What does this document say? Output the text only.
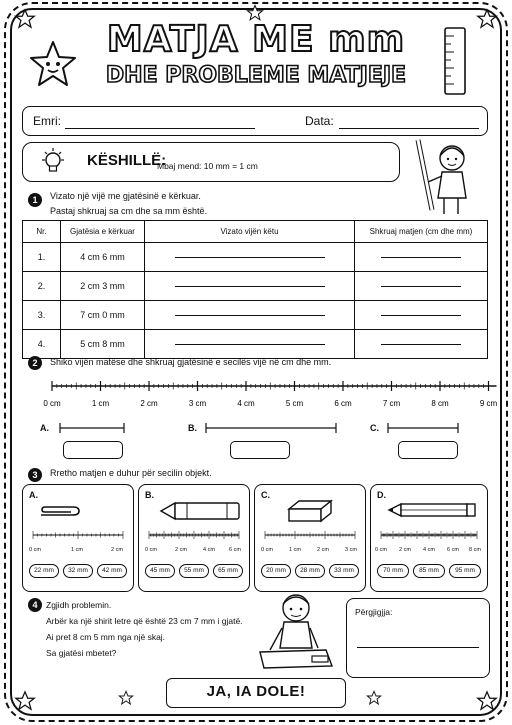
MATJA ME mm
DHE PROBLEME MATJEJE
Emri:	Data:
KËSHILLË:
Mbaj mend: 10 mm = 1 cm
1	Vizato një vijë me gjatësinë e kërkuar.
Pastaj shkruaj sa cm dhe sa mm është.
Nr.	Gjatësia e kërkuar	Vizato vijën këtu	Shkruaj matjen (cm dhe mm)
1.	4 cm 6 mm		
2.	2 cm 3 mm		
3.	7 cm 0 mm		
4.	5 cm 8 mm		
2	Shiko vijën matëse dhe shkruaj gjatësinë e secilës vijë në cm dhe mm.
0 cm	1 cm	2 cm	3 cm	4 cm	5 cm	6 cm	7 cm	8 cm	9 cm
A.	B.	C.
3	Rretho matjen e duhur për secilin objekt.
A.
0 cm	1 cm	2 cm
22 mm	32 mm	42 mm
B.
0 cm	2 cm	4 cm	6 cm
45 mm	55 mm	65 mm
C.
0 cm	1 cm	2 cm	3 cm
20 mm	28 mm	33 mm
D.
0 cm 2 cm 4 cm 6 cm 8 cm
70 mm	85 mm	95 mm
4	Zgjidh problemin.
Arbër ka një shirit letre që është 23 cm 7 mm i gjatë.
Ai pret 8 cm 5 mm nga një skaj.
Sa gjatësi mbetet?
Përgjigjja:
JA, IA DOLE!
